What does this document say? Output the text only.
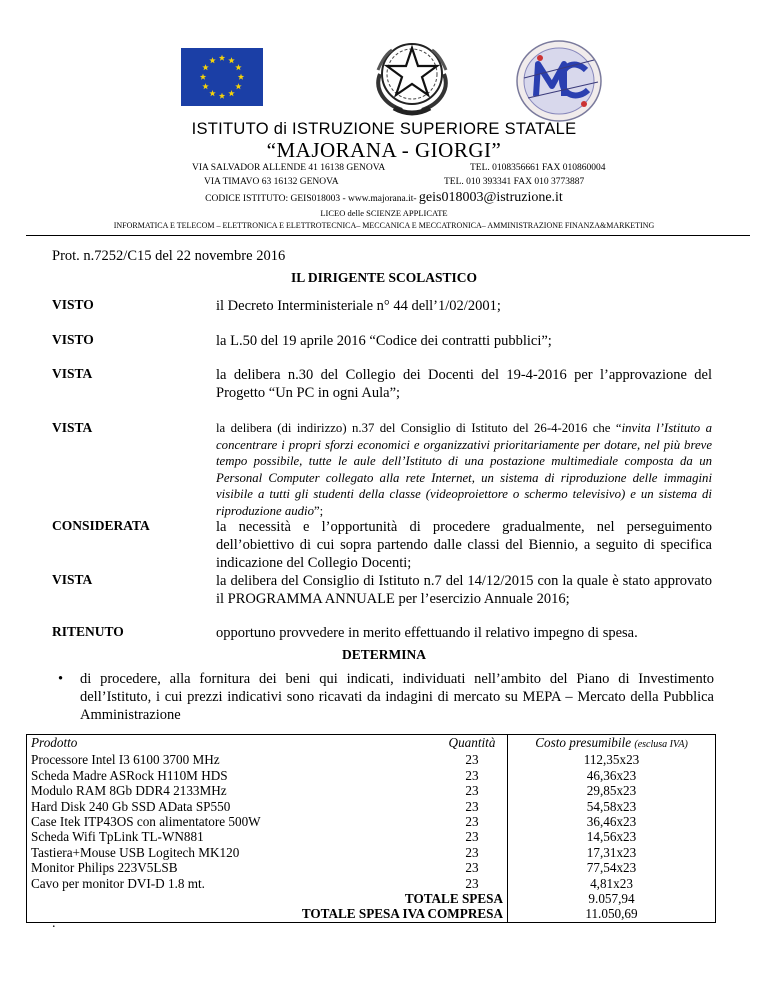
ISTITUTO di ISTRUZIONE SUPERIORE STATALE
“MAJORANA - GIORGI”
VIA SALVADOR ALLENDE 41 16138 GENOVA	TEL. 0108356661 FAX 010860004
VIA TIMAVO 63 16132 GENOVA	TEL. 010 393341 FAX 010 3773887
CODICE ISTITUTO: GEIS018003 - www.majorana.it- geis018003@istruzione.it
LICEO delle SCIENZE APPLICATE
INFORMATICA E TELECOM – ELETTRONICA E ELETTROTECNICA– MECCANICA E MECCATRONICA– AMMINISTRAZIONE FINANZA&MARKETING
Prot. n.7252/C15 del 22 novembre 2016
IL DIRIGENTE SCOLASTICO
VISTO	il Decreto Interministeriale n° 44 dell’1/02/2001;
VISTO	la L.50 del 19 aprile 2016 “Codice dei contratti pubblici”;
VISTA	la delibera n.30 del Collegio dei Docenti del 19-4-2016 per l’approvazione del Progetto “Un PC in ogni Aula”;
VISTA	la delibera (di indirizzo) n.37 del Consiglio di Istituto del 26-4-2016 che “invita l’Istituto a concentrare i propri sforzi economici e organizzativi prioritariamente per dotare, nel più breve tempo possibile, tutte le aule dell’Istituto di una postazione multimediale composta da un Personal Computer collegato alla rete Internet, un sistema di riproduzione delle immagini visibile a tutti gli studenti della classe (videoproiettore o schermo televisivo) e un sistema di riproduzione audio”;
CONSIDERATA	la necessità e l’opportunità di procedere gradualmente, nel perseguimento dell’obiettivo di cui sopra partendo dalle classi del Biennio, a seguito di specifica indicazione del Collegio Docenti;
VISTA	la delibera del Consiglio di Istituto n.7 del 14/12/2015 con la quale è stato approvato il PROGRAMMA ANNUALE per l’esercizio Annuale 2016;
RITENUTO	opportuno provvedere in merito effettuando il relativo impegno di spesa.
DETERMINA
• di procedere, alla fornitura dei beni qui indicati, individuati nell’ambito del Piano di Investimento dell’Istituto, i cui prezzi indicativi sono ricavati da indagini di mercato su MEPA – Mercato della Pubblica Amministrazione
Prodotto	Quantità	Costo presumibile (esclusa IVA)
Processore Intel I3 6100 3700 MHz	23	112,35x23
Scheda Madre ASRock H110M HDS	23	46,36x23
Modulo RAM 8Gb DDR4 2133MHz	23	29,85x23
Hard Disk 240 Gb SSD AData SP550	23	54,58x23
Case Itek ITP43OS con alimentatore 500W	23	36,46x23
Scheda Wifi TpLink TL-WN881	23	14,56x23
Tastiera+Mouse USB Logitech MK120	23	17,31x23
Monitor Philips 223V5LSB	23	77,54x23
Cavo per monitor DVI-D 1.8 mt.	23	4,81x23
TOTALE SPESA		9.057,94
TOTALE SPESA IVA COMPRESA		11.050,69
.
